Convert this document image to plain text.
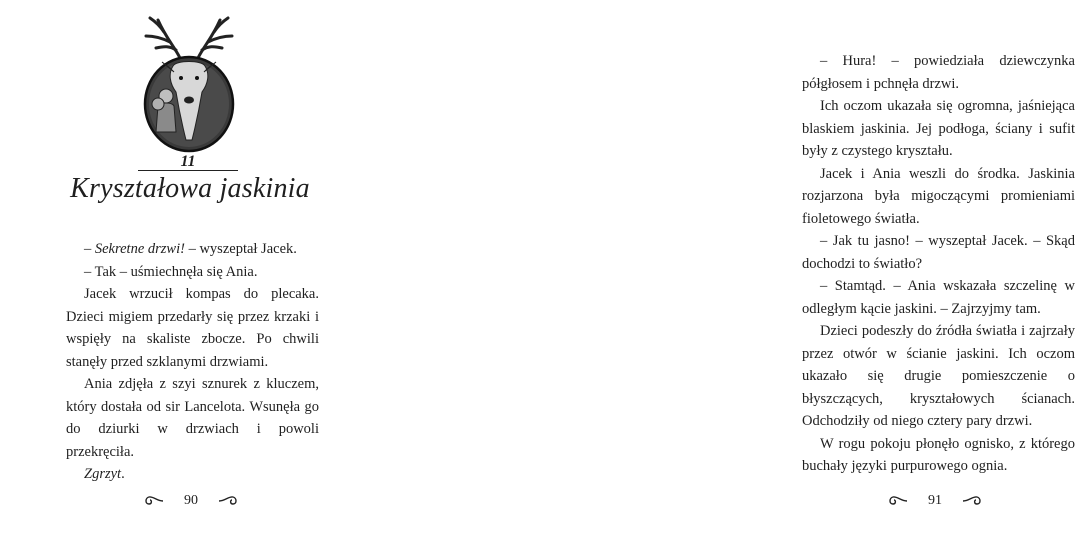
11
Kryształowa jaskinia

– Sekretne drzwi! – wyszeptał Jacek.

– Tak – uśmiechnęła się Ania.

Jacek wrzucił kompas do plecaka. Dzieci migiem przedarły się przez krzaki i wspięły na skaliste zbocze. Po chwili stanęły przed szklanymi drzwiami.

Ania zdjęła z szyi sznurek z kluczem, który dostała od sir Lancelota. Wsunęła go do dziurki w drzwiach i powoli przekręciła.

Zgrzyt.

90

– Hura! – powiedziała dziewczynka półgłosem i pchnęła drzwi.

Ich oczom ukazała się ogromna, jaśniejąca blaskiem jaskinia. Jej podłoga, ściany i sufit były z czystego kryształu.

Jacek i Ania weszli do środka. Jaskinia rozjarzona była migoczącymi promieniami fioletowego światła.

– Jak tu jasno! – wyszeptał Jacek. – Skąd dochodzi to światło?

– Stamtąd. – Ania wskazała szczelinę w odległym kącie jaskini. – Zajrzyjmy tam.

Dzieci podeszły do źródła światła i zajrzały przez otwór w ścianie jaskini. Ich oczom ukazało się drugie pomieszczenie o błyszczących, kryształowych ścianach. Odchodziły od niego cztery pary drzwi.

W rogu pokoju płonęło ognisko, z którego buchały języki purpurowego ognia.

91
